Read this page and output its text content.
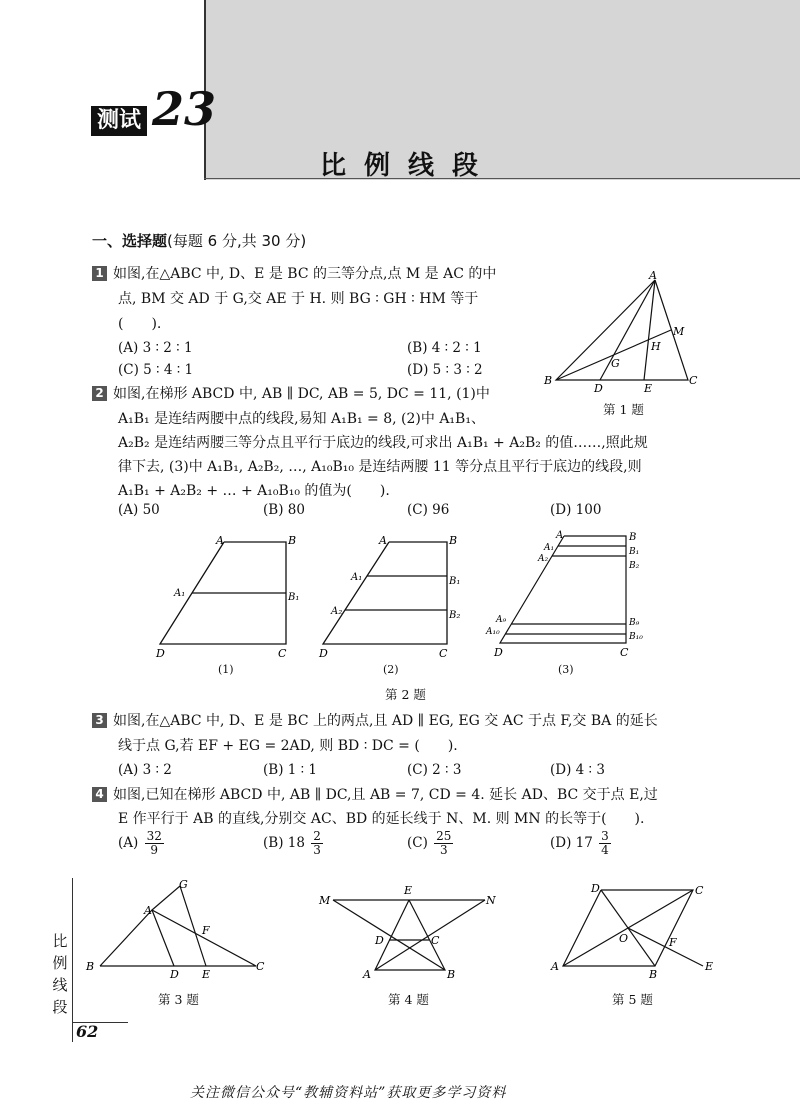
测试 23
比例线段
一、选择题(每题 6 分,共 30 分)
1 如图,在△ABC 中, D、E 是 BC 的三等分点,点 M 是 AC 的中
点, BM 交 AD 于 G,交 AE 于 H. 则 BG ∶ GH ∶ HM 等于
(　　).
(A) 3 ∶ 2 ∶ 1	(B) 4 ∶ 2 ∶ 1
(C) 5 ∶ 4 ∶ 1	(D) 5 ∶ 3 ∶ 2
A
B	C
D	E
M
G
H
第 1 题
2 如图,在梯形 ABCD 中, AB ∥ DC, AB = 5, DC = 11, (1)中
A₁B₁ 是连结两腰中点的线段,易知 A₁B₁ = 8, (2)中 A₁B₁、
A₂B₂ 是连结两腰三等分点且平行于底边的线段,可求出 A₁B₁ + A₂B₂ 的值……,照此规
律下去, (3)中 A₁B₁, A₂B₂, …, A₁₀B₁₀ 是连结两腰 11 等分点且平行于底边的线段,则
A₁B₁ + A₂B₂ + … + A₁₀B₁₀ 的值为(　　).
(A) 50	(B) 80	(C) 96	(D) 100
A	B
A₁	B₁
D	C
A	B
A₁	B₁
A₂	B₂
D	C
A	B
A₁	B₁
A₂
B₂
A₉	B₉
A₁₀	B₁₀
D	C
(1)	(2)	(3)
第 2 题
3 如图,在△ABC 中, D、E 是 BC 上的两点,且 AD ∥ EG, EG 交 AC 于点 F,交 BA 的延长
线于点 G,若 EF + EG = 2AD, 则 BD ∶ DC = (　　).
(A) 3 ∶ 2	(B) 1 ∶ 1	(C) 2 ∶ 3	(D) 4 ∶ 3
4 如图,已知在梯形 ABCD 中, AB ∥ DC,且 AB = 7, CD = 4. 延长 AD、BC 交于点 E,过
E 作平行于 AB 的直线,分别交 AC、BD 的延长线于 N、M. 则 MN 的长等于(　　).
$(A) \frac{32}{9}$	(B) $18 \frac{2}{3}$	$(C) \frac{25}{3}$	(D) $17 \frac{3}{4}$
G
A
F
B
D E
C
第 3 题
M
E
N
D	C
A	B
第 4 题
D	C
O	F
A
B
E
第 5 题
比
例
线
段
62
关注微信公众号“教辅资料站”获取更多学习资料
